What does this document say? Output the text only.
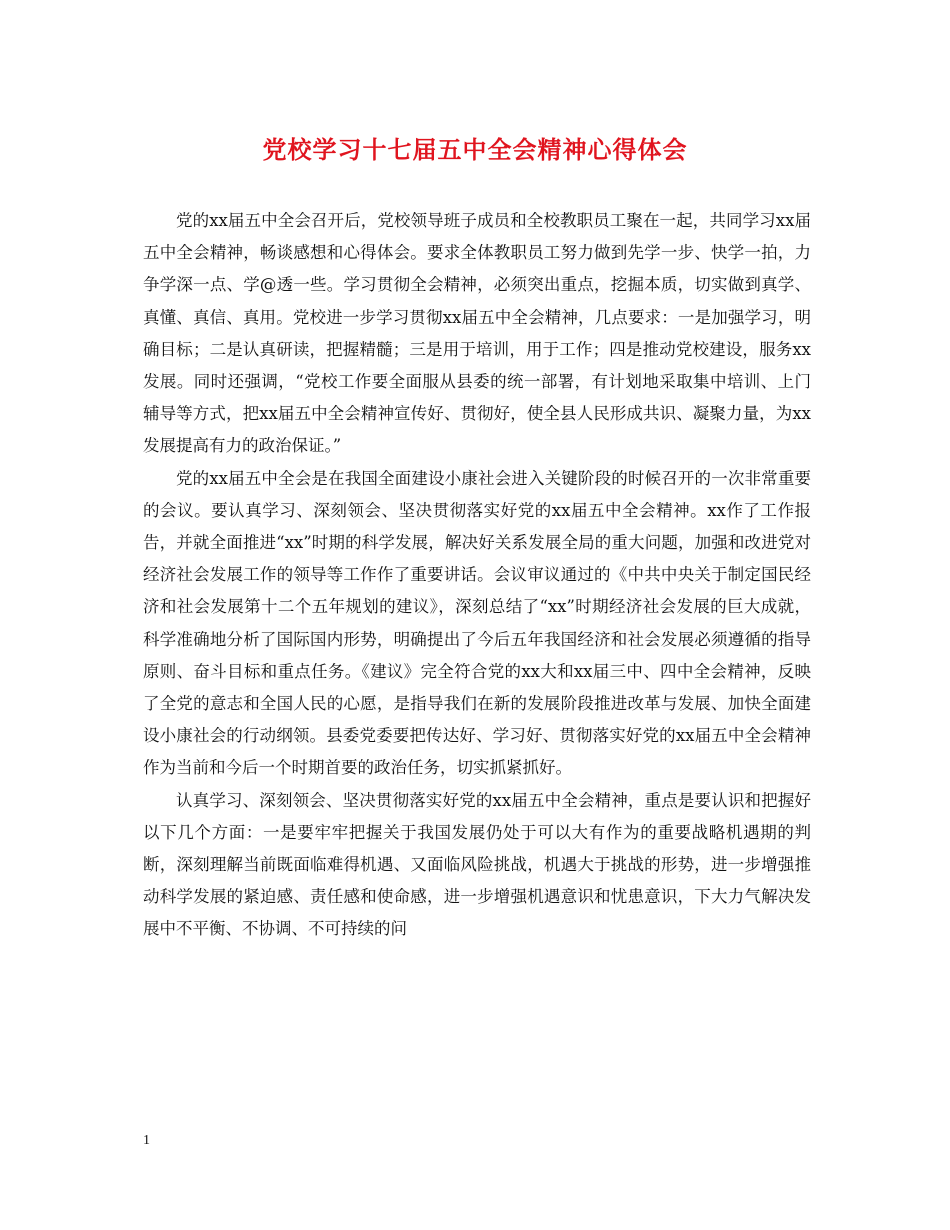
党校学习十七届五中全会精神心得体会

党的xx届五中全会召开后，党校领导班子成员和全校教职员工聚在一起，共同学习xx届五中全会精神，畅谈感想和心得体会。要求全体教职员工努力做到先学一步、快学一拍，力争学深一点、学@透一些。学习贯彻全会精神，必须突出重点，挖掘本质，切实做到真学、真懂、真信、真用。党校进一步学习贯彻xx届五中全会精神，几点要求：一是加强学习，明确目标；二是认真研读，把握精髓；三是用于培训，用于工作；四是推动党校建设，服务xx发展。同时还强调，“党校工作要全面服从县委的统一部署，有计划地采取集中培训、上门辅导等方式，把xx届五中全会精神宣传好、贯彻好，使全县人民形成共识、凝聚力量，为xx发展提高有力的政治保证。”

党的xx届五中全会是在我国全面建设小康社会进入关键阶段的时候召开的一次非常重要的会议。要认真学习、深刻领会、坚决贯彻落实好党的xx届五中全会精神。xx作了工作报告，并就全面推进“xx”时期的科学发展，解决好关系发展全局的重大问题，加强和改进党对经济社会发展工作的领导等工作作了重要讲话。会议审议通过的《中共中央关于制定国民经济和社会发展第十二个五年规划的建议》，深刻总结了“xx”时期经济社会发展的巨大成就，科学准确地分析了国际国内形势，明确提出了今后五年我国经济和社会发展必须遵循的指导原则、奋斗目标和重点任务。《建议》完全符合党的xx大和xx届三中、四中全会精神，反映了全党的意志和全国人民的心愿，是指导我们在新的发展阶段推进改革与发展、加快全面建设小康社会的行动纲领。县委党委要把传达好、学习好、贯彻落实好党的xx届五中全会精神作为当前和今后一个时期首要的政治任务，切实抓紧抓好。

认真学习、深刻领会、坚决贯彻落实好党的xx届五中全会精神，重点是要认识和把握好以下几个方面：一是要牢牢把握关于我国发展仍处于可以大有作为的重要战略机遇期的判断，深刻理解当前既面临难得机遇、又面临风险挑战，机遇大于挑战的形势，进一步增强推动科学发展的紧迫感、责任感和使命感，进一步增强机遇意识和忧患意识，下大力气解决发展中不平衡、不协调、不可持续的问

1
